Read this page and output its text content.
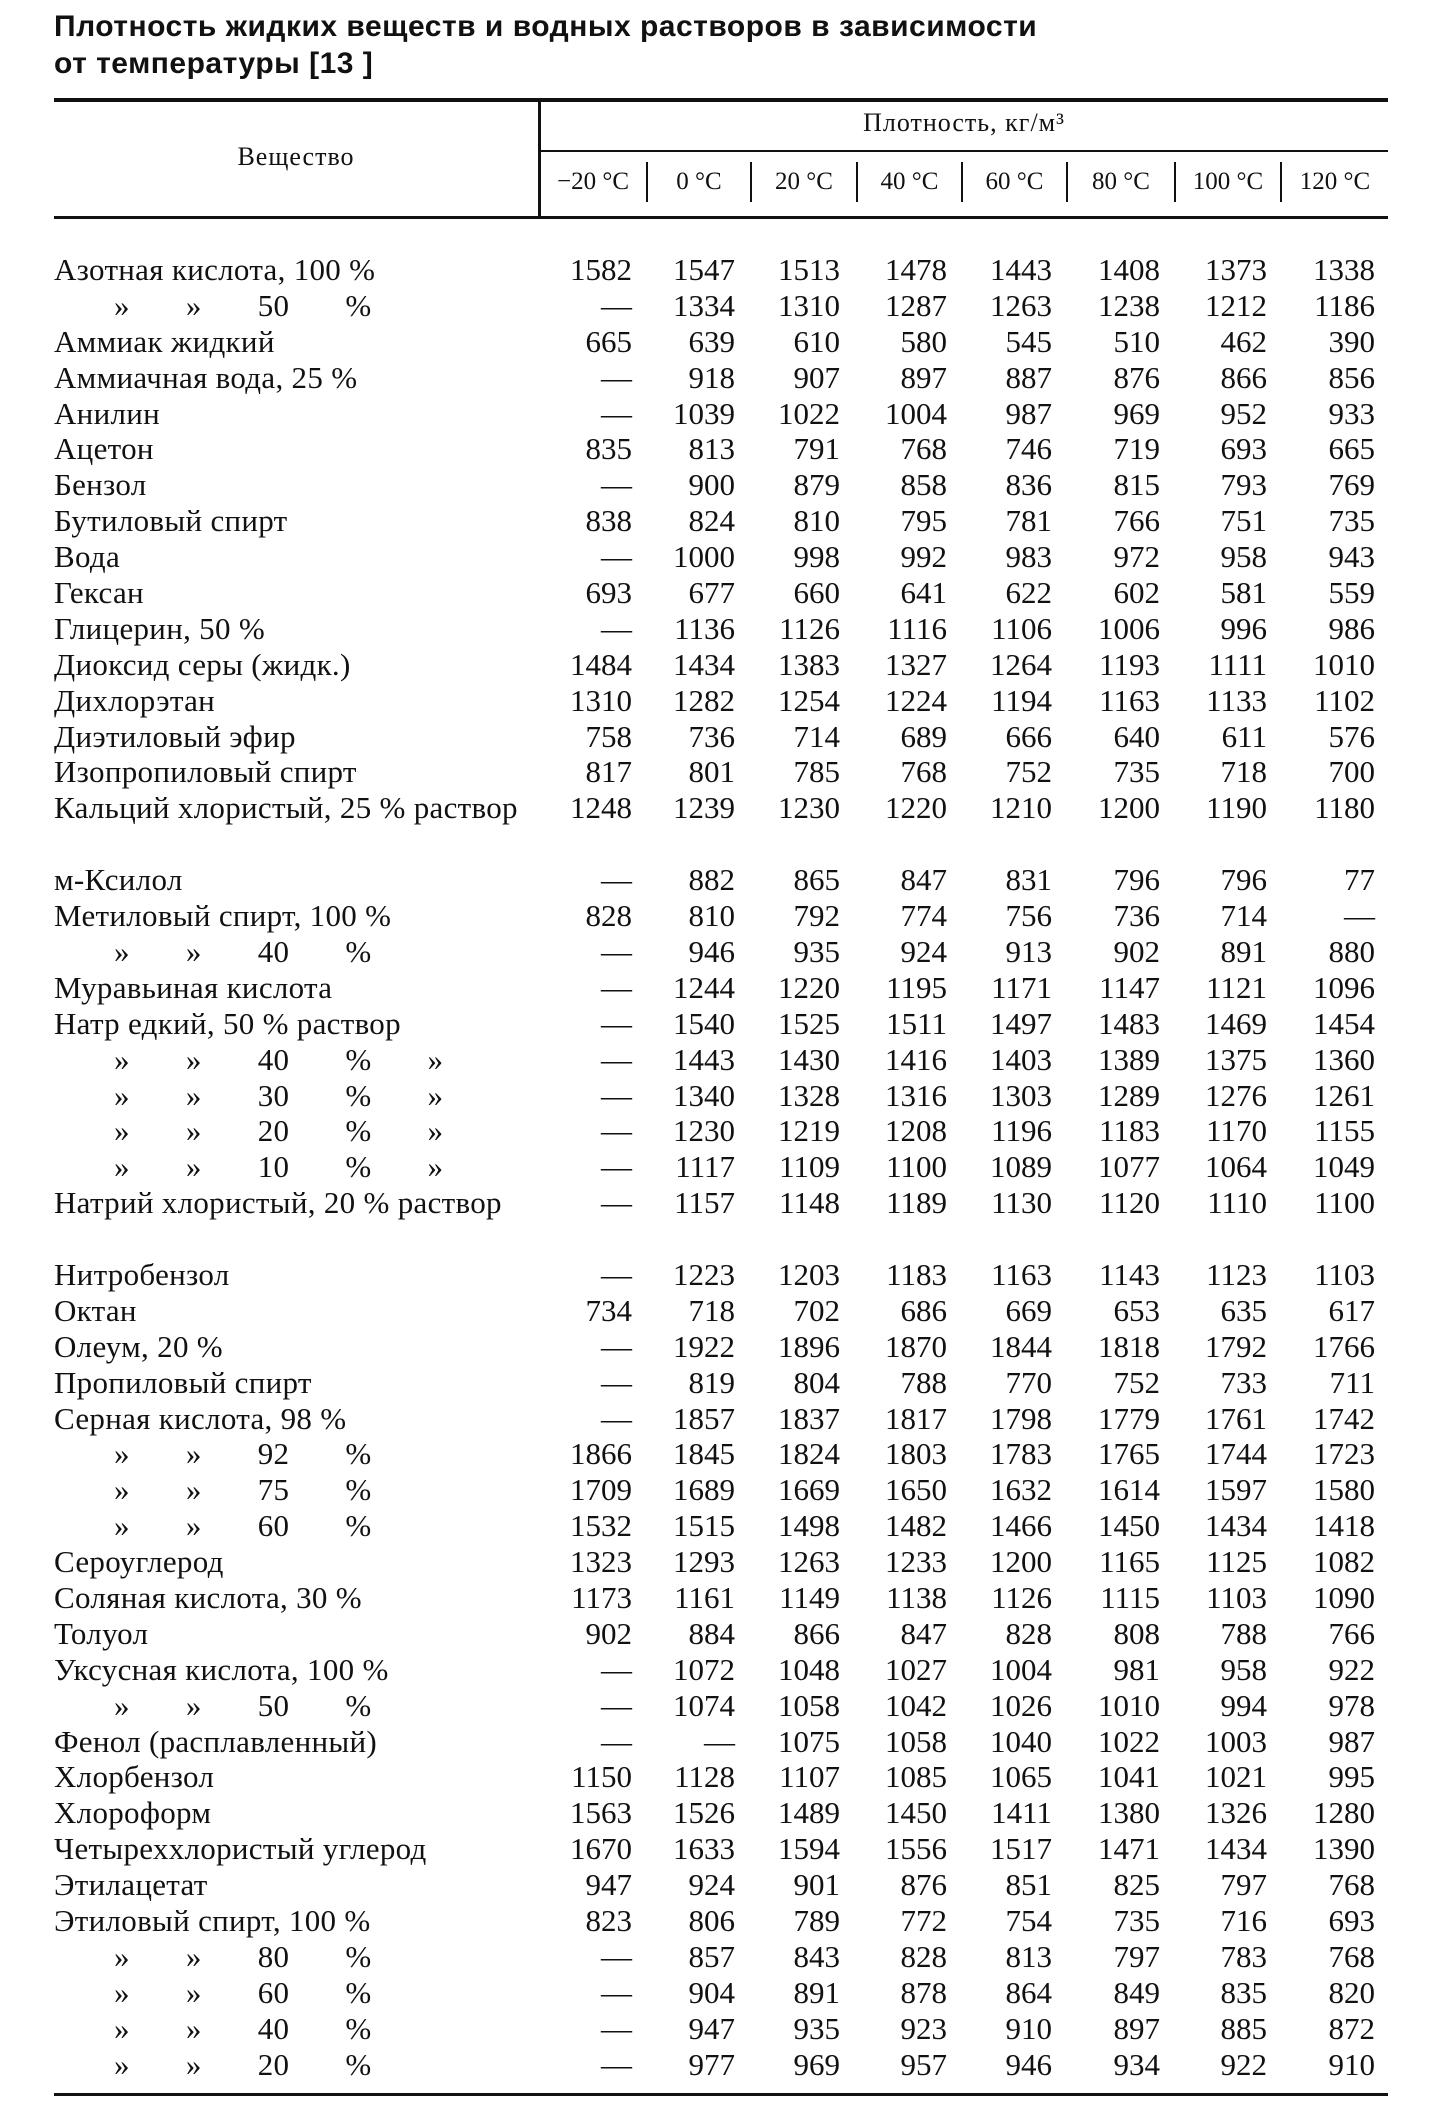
Плотность жидких веществ и водных растворов в зависимости
от температуры [13 ]
Вещество
Плотность, кг/м³
−20 °C	0 °C	20 °C	40 °C	60 °C	80 °C	100 °C	120 °C
Азотная кислота, 100 %	1582	1547	1513	1478	1443	1408	1373	1338
» » 50 %	—	1334	1310	1287	1263	1238	1212	1186
Аммиак жидкий	665	639	610	580	545	510	462	390
Аммиачная вода, 25 %	—	918	907	897	887	876	866	856
Анилин	—	1039	1022	1004	987	969	952	933
Ацетон	835	813	791	768	746	719	693	665
Бензол	—	900	879	858	836	815	793	769
Бутиловый спирт	838	824	810	795	781	766	751	735
Вода	—	1000	998	992	983	972	958	943
Гексан	693	677	660	641	622	602	581	559
Глицерин, 50 %	—	1136	1126	1116	1106	1006	996	986
Диоксид серы (жидк.)	1484	1434	1383	1327	1264	1193	1111	1010
Дихлорэтан	1310	1282	1254	1224	1194	1163	1133	1102
Диэтиловый эфир	758	736	714	689	666	640	611	576
Изопропиловый спирт	817	801	785	768	752	735	718	700
Кальций хлористый, 25 % раствор	1248	1239	1230	1220	1210	1200	1190	1180
м-Ксилол	—	882	865	847	831	796	796	77
Метиловый спирт, 100 %	828	810	792	774	756	736	714	—
» » 40 %	—	946	935	924	913	902	891	880
Муравьиная кислота	—	1244	1220	1195	1171	1147	1121	1096
Натр едкий, 50 % раствор	—	1540	1525	1511	1497	1483	1469	1454
» » 40 % »	—	1443	1430	1416	1403	1389	1375	1360
» » 30 % »	—	1340	1328	1316	1303	1289	1276	1261
» » 20 % »	—	1230	1219	1208	1196	1183	1170	1155
» » 10 % »	—	1117	1109	1100	1089	1077	1064	1049
Натрий хлористый, 20 % раствор	—	1157	1148	1189	1130	1120	1110	1100
Нитробензол	—	1223	1203	1183	1163	1143	1123	1103
Октан	734	718	702	686	669	653	635	617
Олеум, 20 %	—	1922	1896	1870	1844	1818	1792	1766
Пропиловый спирт	—	819	804	788	770	752	733	711
Серная кислота, 98 %	—	1857	1837	1817	1798	1779	1761	1742
» » 92 %	1866	1845	1824	1803	1783	1765	1744	1723
» » 75 %	1709	1689	1669	1650	1632	1614	1597	1580
» » 60 %	1532	1515	1498	1482	1466	1450	1434	1418
Сероуглерод	1323	1293	1263	1233	1200	1165	1125	1082
Соляная кислота, 30 %	1173	1161	1149	1138	1126	1115	1103	1090
Толуол	902	884	866	847	828	808	788	766
Уксусная кислота, 100 %	—	1072	1048	1027	1004	981	958	922
» » 50 %	—	1074	1058	1042	1026	1010	994	978
Фенол (расплавленный)	—	—	1075	1058	1040	1022	1003	987
Хлорбензол	1150	1128	1107	1085	1065	1041	1021	995
Хлороформ	1563	1526	1489	1450	1411	1380	1326	1280
Четыреххлористый углерод	1670	1633	1594	1556	1517	1471	1434	1390
Этилацетат	947	924	901	876	851	825	797	768
Этиловый спирт, 100 %	823	806	789	772	754	735	716	693
» » 80 %	—	857	843	828	813	797	783	768
» » 60 %	—	904	891	878	864	849	835	820
» » 40 %	—	947	935	923	910	897	885	872
» » 20 %	—	977	969	957	946	934	922	910
